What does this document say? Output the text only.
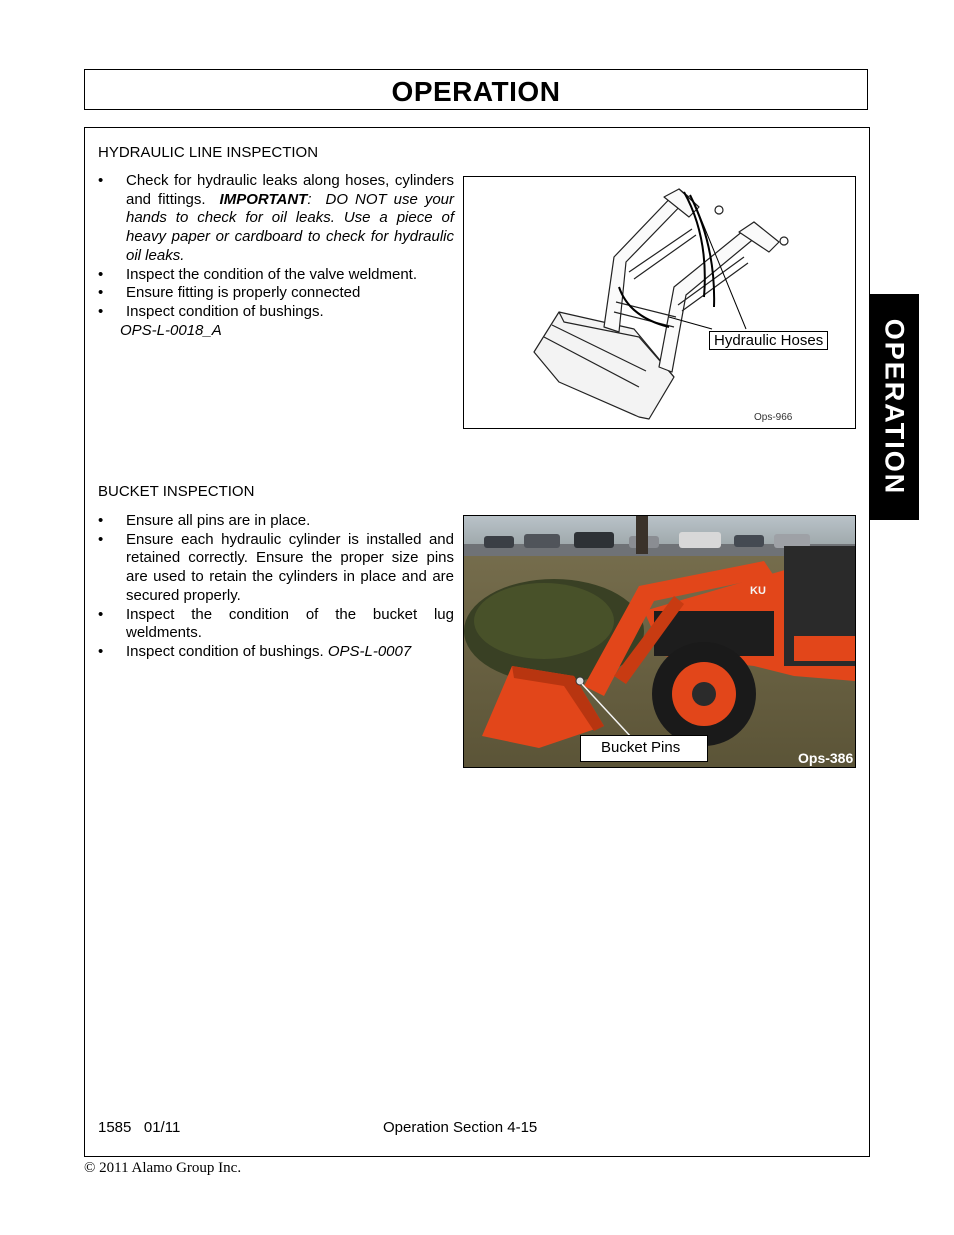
OPERATION
OPERATION
HYDRAULIC LINE INSPECTION
• Check for hydraulic leaks along hoses, cylinders and fittings. IMPORTANT: DO NOT use your hands to check for oil leaks. Use a piece of heavy paper or cardboard to check for hydraulic oil leaks.
• Inspect the condition of the valve weldment.
• Ensure fitting is properly connected
• Inspect condition of bushings.
OPS-L-0018_A
Hydraulic Hoses
Ops-966
BUCKET INSPECTION
• Ensure all pins are in place.
• Ensure each hydraulic cylinder is installed and retained correctly. Ensure the proper size pins are used to retain the cylinders in place and are secured properly.
• Inspect the condition of the bucket lug weldments.
• Inspect condition of bushings. OPS-L-0007
KU
Bucket Pins
Ops-386
1585   01/11	Operation Section 4-15
© 2011 Alamo Group Inc.
